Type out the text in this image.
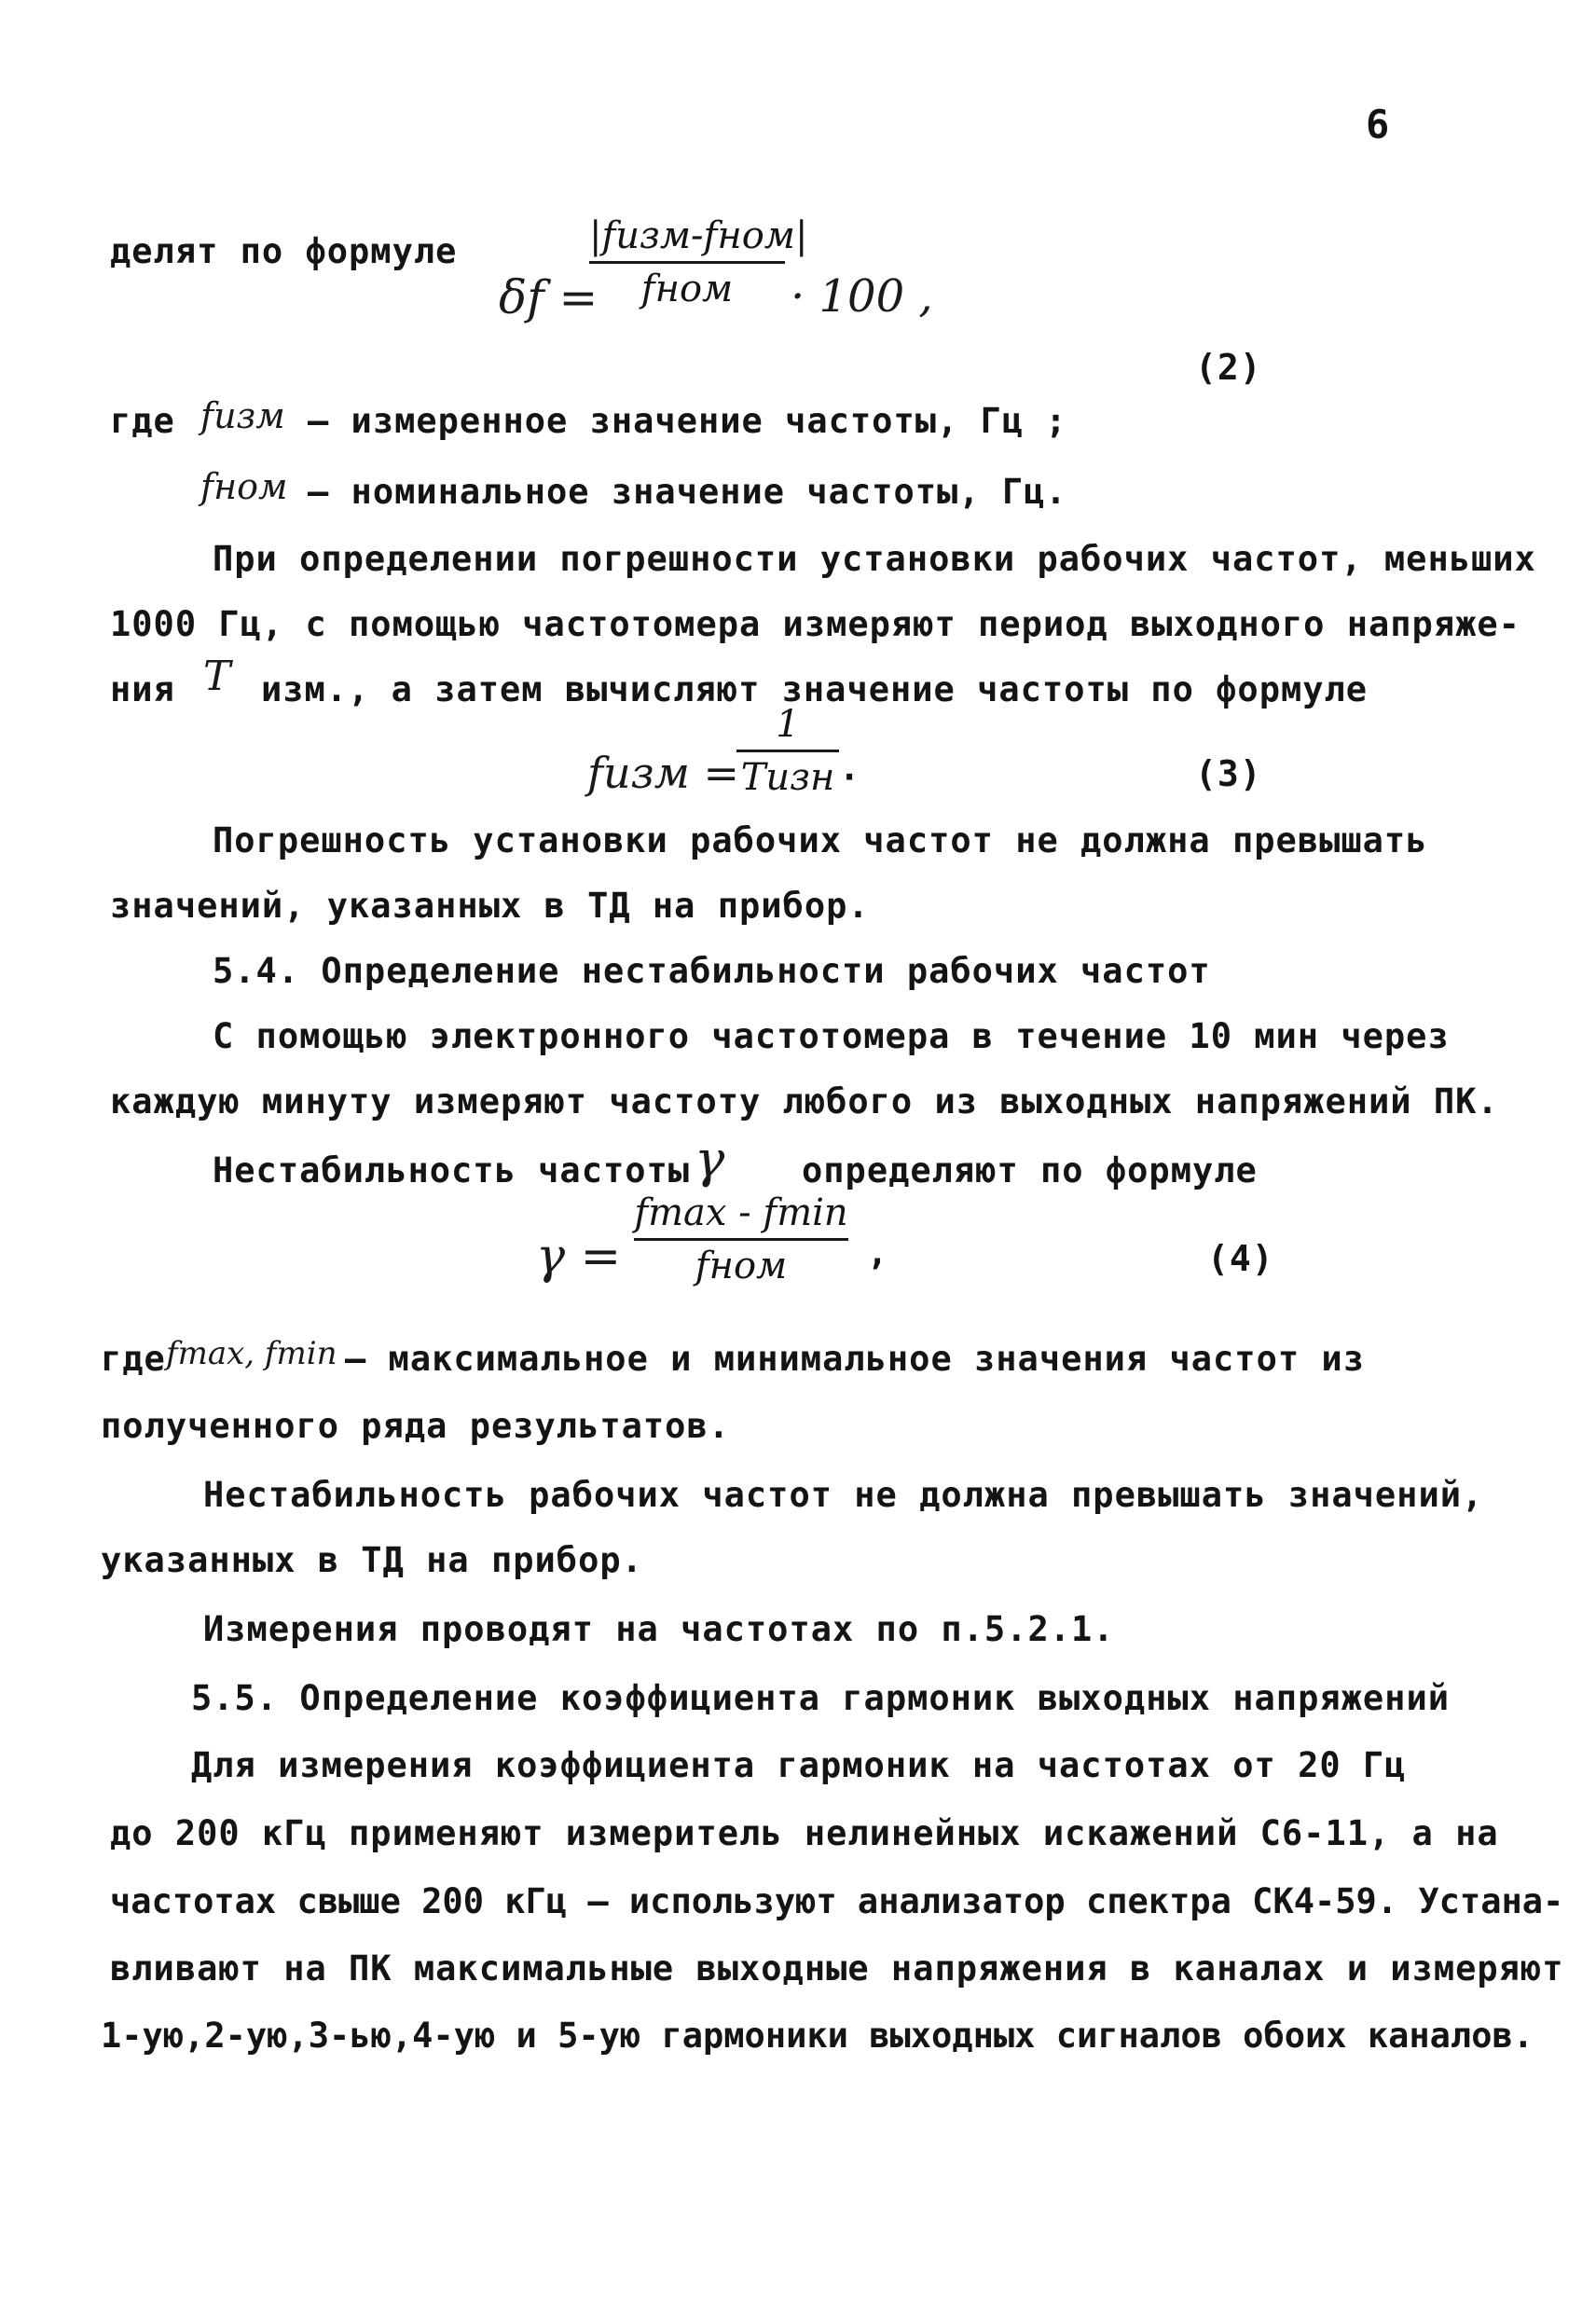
6
делят по формуле
δf =
|fизм-fном|
fном	· 100 ,
(2)
где fизм – измеренное значение частоты, Гц ;
fном – номинальное значение частоты, Гц.
При определении погрешности установки рабочих частот, меньших
1000 Гц, с помощью частотомера измеряют период выходного напряже-
ния T изм., а затем вычисляют значение частоты по формуле
fизм =
1
Тизн ·	(3)
Погрешность установки рабочих частот не должна превышать
значений, указанных в ТД на прибор.
5.4. Определение нестабильности рабочих частот
С помощью электронного частотомера в течение 10 мин через
каждую минуту измеряют частоту любого из выходных напряжений ПК.
Нестабильность частоты γ определяют по формуле
γ =
fmax - fmin
fном	,	(4)
где fmax, fmin – максимальное и минимальное значения частот из
полученного ряда результатов.
Нестабильность рабочих частот не должна превышать значений,
указанных в ТД на прибор.
Измерения проводят на частотах по п.5.2.1.
5.5. Определение коэффициента гармоник выходных напряжений
Для измерения коэффициента гармоник на частотах от 20 Гц
до 200 кГц применяют измеритель нелинейных искажений С6-11, а на
частотах свыше 200 кГц – используют анализатор спектра СК4-59. Устана-
вливают на ПК максимальные выходные напряжения в каналах и измеряют
1-ую,2-ую,3-ью,4-ую и 5-ую гармоники выходных сигналов обоих каналов.
